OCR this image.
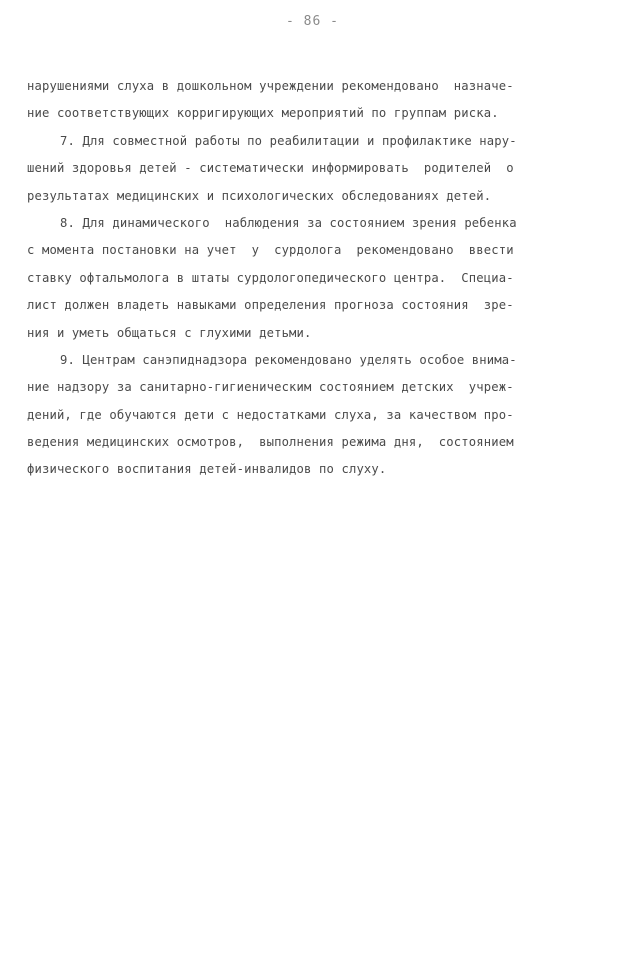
- 86 -
нарушениями слуха в дошкольном учреждении рекомендовано  назначе-
ние соответствующих корригирующих мероприятий по группам риска.
7. Для совместной работы по реабилитации и профилактике нару-
шений здоровья детей - систематически информировать  родителей  о
результатах медицинских и психологических обследованиях детей.
8. Для динамического  наблюдения за состоянием зрения ребенка
с момента постановки на учет  у  сурдолога  рекомендовано  ввести
ставку офтальмолога в штаты сурдологопедического центра.  Специа-
лист должен владеть навыками определения прогноза состояния  зре-
ния и уметь общаться с глухими детьми.
9. Центрам санэпиднадзора рекомендовано уделять особое внима-
ние надзору за санитарно-гигиеническим состоянием детских  учреж-
дений, где обучаются дети с недостатками слуха, за качеством про-
ведения медицинских осмотров,  выполнения режима дня,  состоянием
физического воспитания детей-инвалидов по слуху.
